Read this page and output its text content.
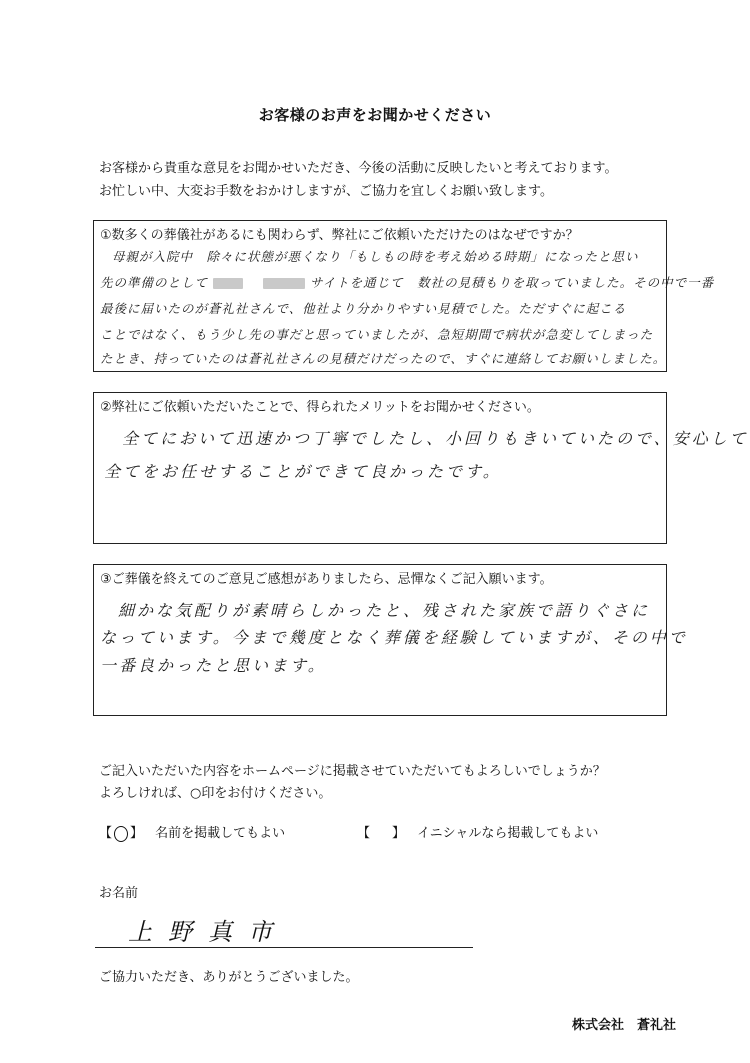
お客様のお声をお聞かせください
お客様から貴重な意見をお聞かせいただき、今後の活動に反映したいと考えております。
お忙しい中、大変お手数をおかけしますが、ご協力を宜しくお願い致します。
①数多くの葬儀社があるにも関わらず、弊社にご依頼いただけたのはなぜですか？
母親が入院中　除々に状態が悪くなり「もしもの時を考え始める時期」になったと思い
先の準備のとして	サイトを通じて　数社の見積もりを取っていました。その中で一番
最後に届いたのが蒼礼社さんで、他社より分かりやすい見積でした。ただすぐに起こる
ことではなく、もう少し先の事だと思っていましたが、急短期間で病状が急変してしまった
たとき、持っていたのは蒼礼社さんの見積だけだったので、すぐに連絡してお願いしました。
②弊社にご依頼いただいたことで、得られたメリットをお聞かせください。
全てにおいて迅速かつ丁寧でしたし、小回りもきいていたので、安心して
全てをお任せすることができて良かったです。
③ご葬儀を終えてのご意見ご感想がありましたら、忌憚なくご記入願います。
細かな気配りが素晴らしかったと、残された家族で語りぐさに
なっています。今まで幾度となく葬儀を経験していますが、その中で
一番良かったと思います。
ご記入いただいた内容をホームページに掲載させていただいてもよろしいでしょうか？
よろしければ、○印をお付けください。
【 】 名前を掲載してもよい	【 】 イニシャルなら掲載してもよい
お名前
上野真市
ご協力いただき、ありがとうございました。
株式会社　蒼礼社
